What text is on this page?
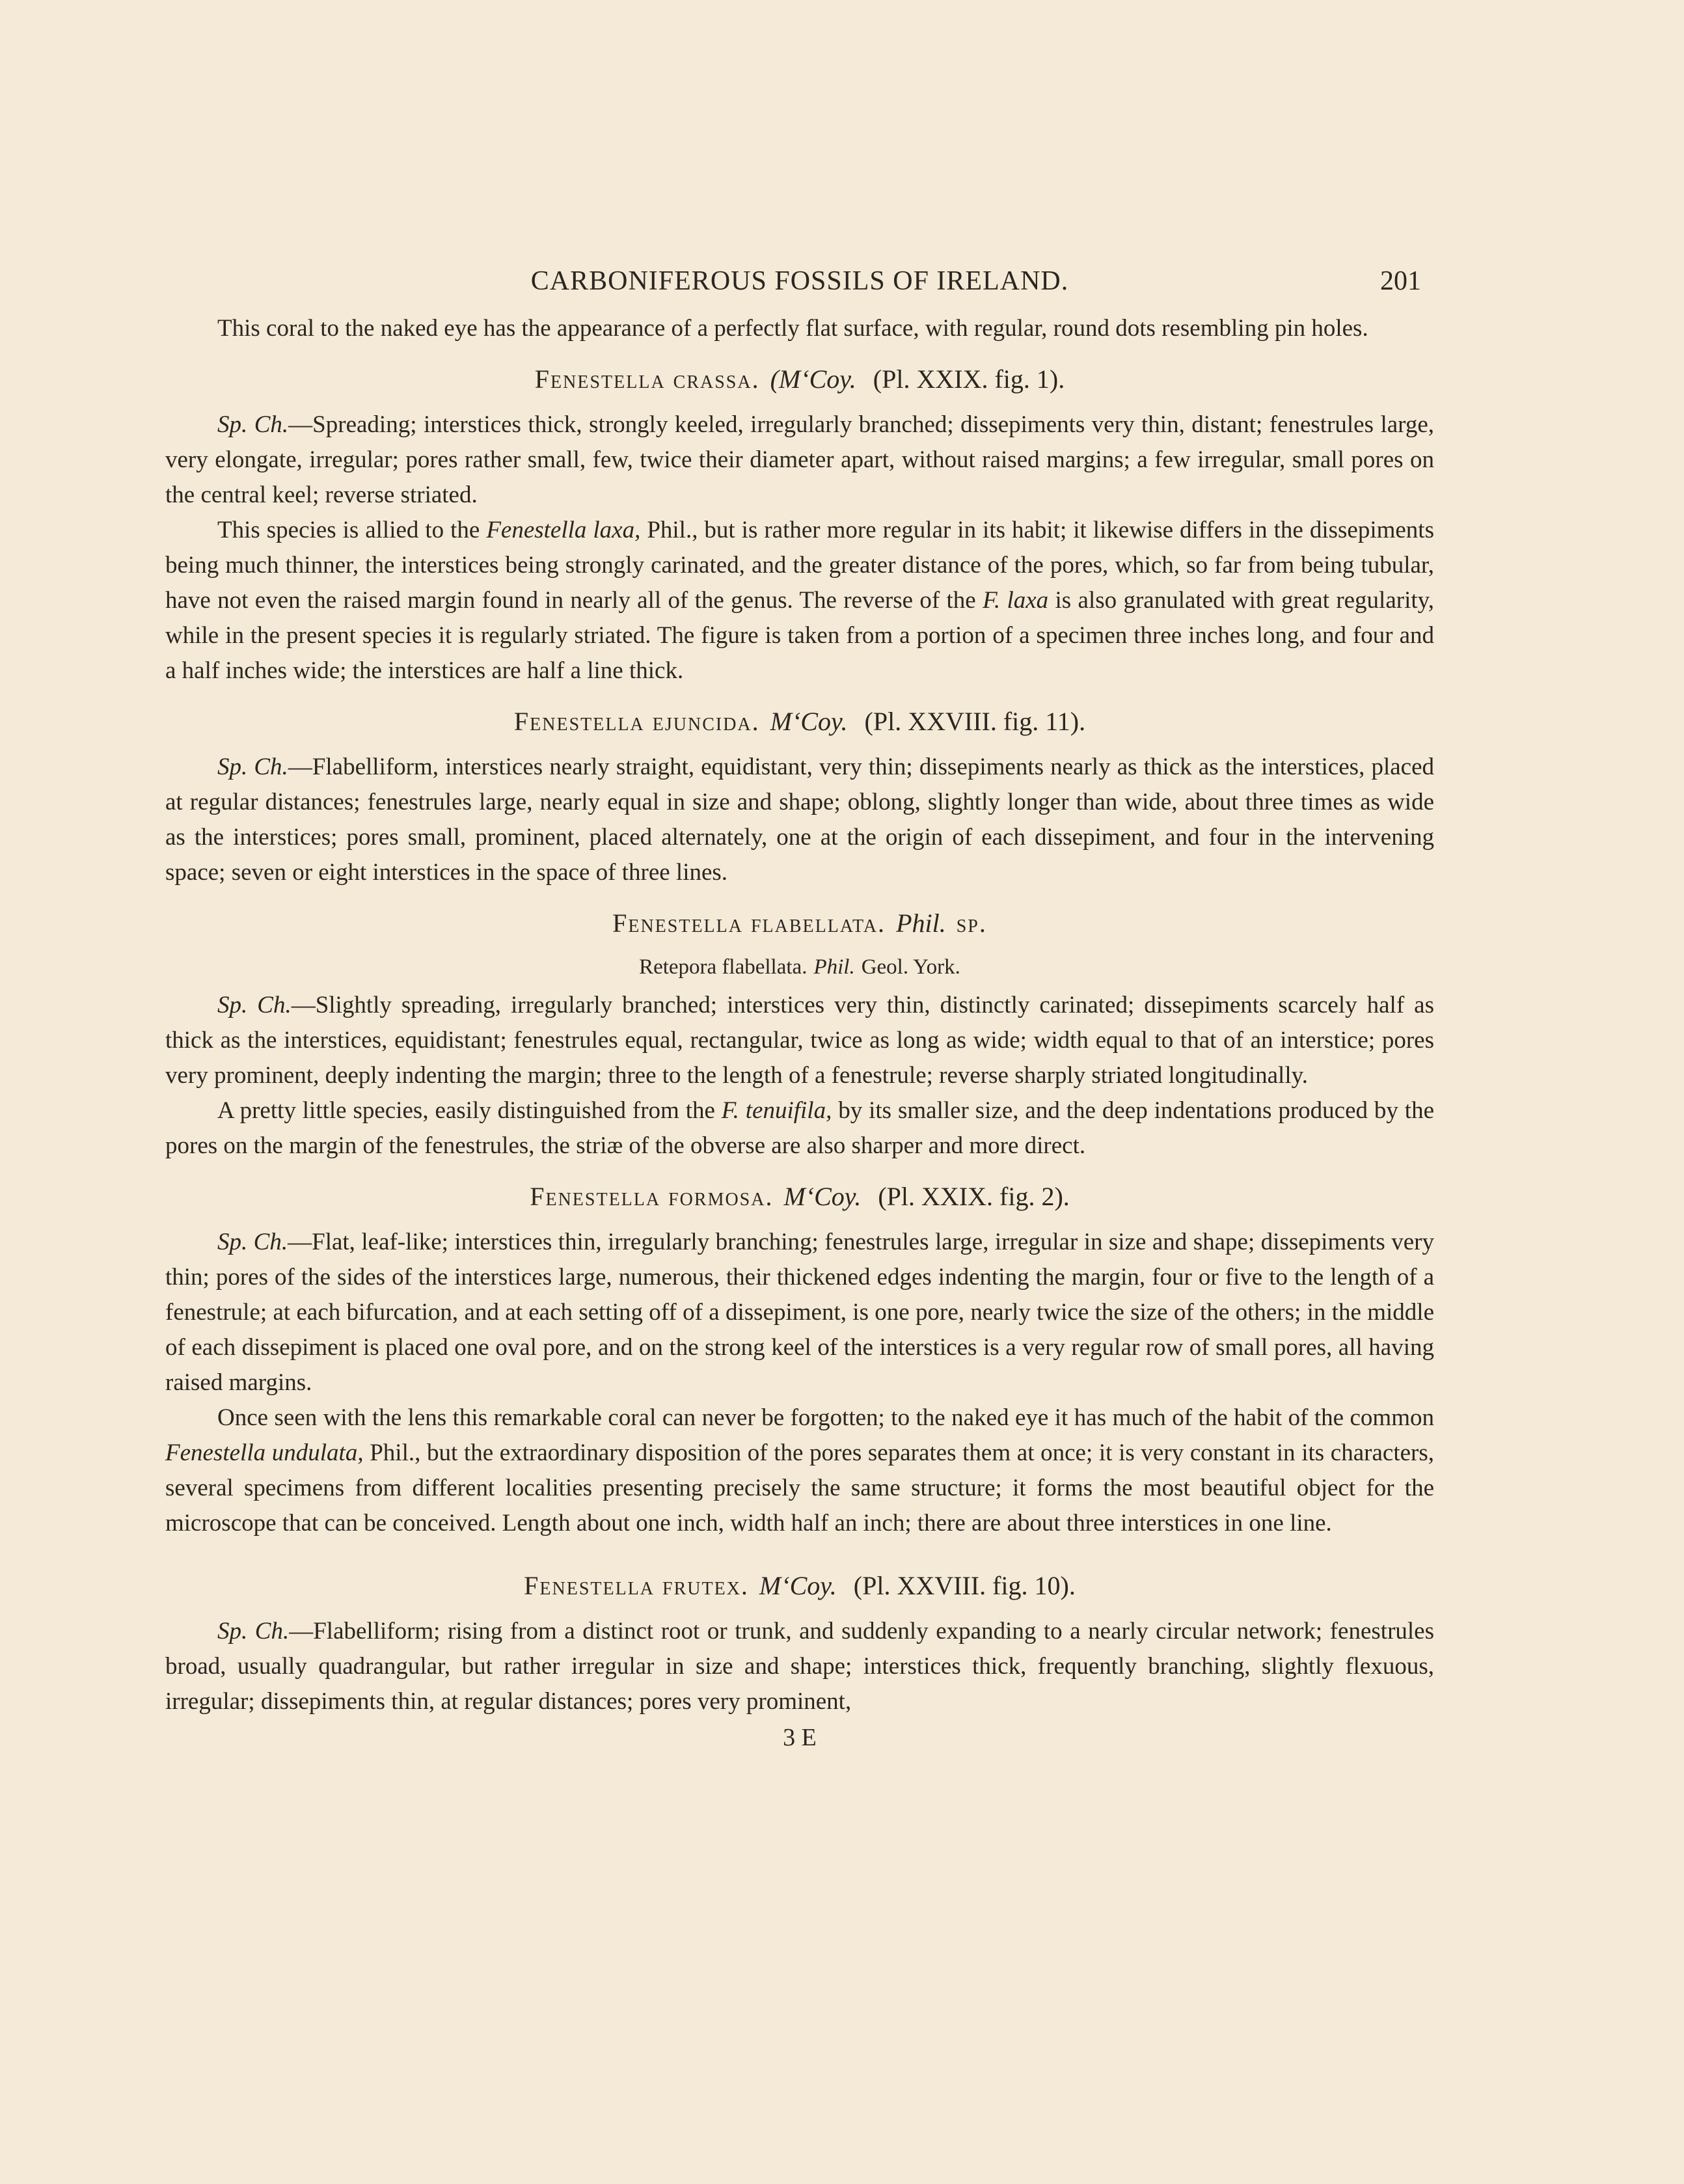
CARBONIFEROUS FOSSILS OF IRELAND.	201

This coral to the naked eye has the appearance of a perfectly flat surface, with regular, round dots resembling pin holes.

Fenestella crassa. (M‘Coy. (Pl. XXIX. fig. 1).

Sp. Ch.—Spreading; interstices thick, strongly keeled, irregularly branched; dissepiments very thin, distant; fenestrules large, very elongate, irregular; pores rather small, few, twice their diameter apart, without raised margins; a few irregular, small pores on the central keel; reverse striated.

This species is allied to the Fenestella laxa, Phil., but is rather more regular in its habit; it likewise differs in the dissepiments being much thinner, the interstices being strongly carinated, and the greater distance of the pores, which, so far from being tubular, have not even the raised margin found in nearly all of the genus. The reverse of the F. laxa is also granulated with great regularity, while in the present species it is regularly striated. The figure is taken from a portion of a specimen three inches long, and four and a half inches wide; the interstices are half a line thick.

Fenestella ejuncida. M‘Coy. (Pl. XXVIII. fig. 11).

Sp. Ch.—Flabelliform, interstices nearly straight, equidistant, very thin; dissepiments nearly as thick as the interstices, placed at regular distances; fenestrules large, nearly equal in size and shape; oblong, slightly longer than wide, about three times as wide as the interstices; pores small, prominent, placed alternately, one at the origin of each dissepiment, and four in the intervening space; seven or eight interstices in the space of three lines.

Fenestella flabellata. Phil. sp.
Retepora flabellata. Phil. Geol. York.

Sp. Ch.—Slightly spreading, irregularly branched; interstices very thin, distinctly carinated; dissepiments scarcely half as thick as the interstices, equidistant; fenestrules equal, rectangular, twice as long as wide; width equal to that of an interstice; pores very prominent, deeply indenting the margin; three to the length of a fenestrule; reverse sharply striated longitudinally.

A pretty little species, easily distinguished from the F. tenuifila, by its smaller size, and the deep indentations produced by the pores on the margin of the fenestrules, the striæ of the obverse are also sharper and more direct.

Fenestella formosa. M‘Coy. (Pl. XXIX. fig. 2).

Sp. Ch.—Flat, leaf-like; interstices thin, irregularly branching; fenestrules large, irregular in size and shape; dissepiments very thin; pores of the sides of the interstices large, numerous, their thickened edges indenting the margin, four or five to the length of a fenestrule; at each bifurcation, and at each setting off of a dissepiment, is one pore, nearly twice the size of the others; in the middle of each dissepiment is placed one oval pore, and on the strong keel of the interstices is a very regular row of small pores, all having raised margins.

Once seen with the lens this remarkable coral can never be forgotten; to the naked eye it has much of the habit of the common Fenestella undulata, Phil., but the extraordinary disposition of the pores separates them at once; it is very constant in its characters, several specimens from different localities presenting precisely the same structure; it forms the most beautiful object for the microscope that can be conceived. Length about one inch, width half an inch; there are about three interstices in one line.

Fenestella frutex. M‘Coy. (Pl. XXVIII. fig. 10).

Sp. Ch.—Flabelliform; rising from a distinct root or trunk, and suddenly expanding to a nearly circular network; fenestrules broad, usually quadrangular, but rather irregular in size and shape; interstices thick, frequently branching, slightly flexuous, irregular; dissepiments thin, at regular distances; pores very prominent,

3 E
